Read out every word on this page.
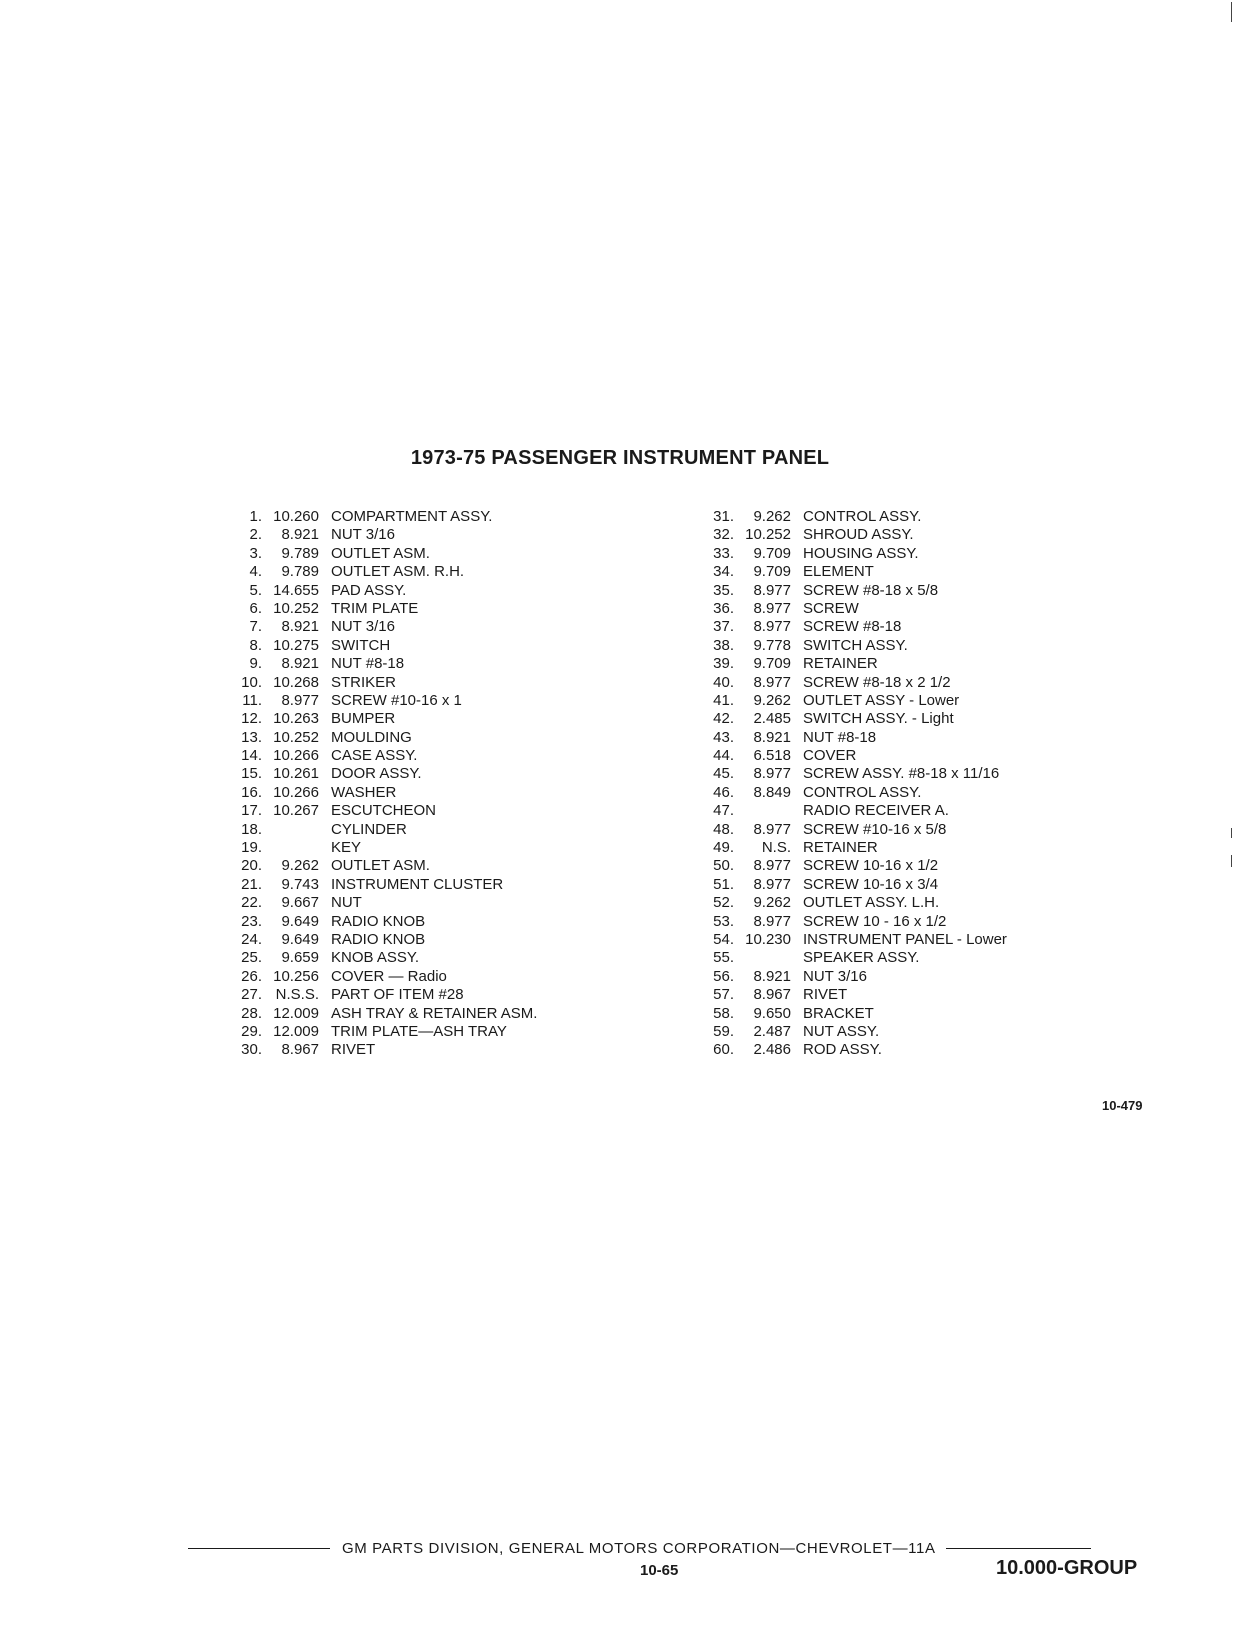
1973-75 PASSENGER INSTRUMENT PANEL
1. 10.260 COMPARTMENT ASSY.
2.	8.921 NUT 3/16
3.	9.789 OUTLET ASM.
4.	9.789 OUTLET ASM. R.H.
5. 14.655 PAD ASSY.
6. 10.252 TRIM PLATE
7.	8.921 NUT 3/16
8. 10.275 SWITCH
9.	8.921 NUT #8-18
10. 10.268 STRIKER
11.	8.977 SCREW #10-16 x 1
12. 10.263 BUMPER
13. 10.252 MOULDING
14. 10.266 CASE ASSY.
15. 10.261 DOOR ASSY.
16. 10.266 WASHER
17. 10.267 ESCUTCHEON
18.	CYLINDER
19.	KEY
20.	9.262 OUTLET ASM.
21.	9.743 INSTRUMENT CLUSTER
22.	9.667 NUT
23.	9.649 RADIO KNOB
24.	9.649 RADIO KNOB
25.	9.659 KNOB ASSY.
26. 10.256 COVER — Radio
27. N.S.S. PART OF ITEM #28
28. 12.009 ASH TRAY & RETAINER ASM.
29. 12.009 TRIM PLATE—ASH TRAY
30.	8.967 RIVET
31.	9.262 CONTROL ASSY.
32. 10.252 SHROUD ASSY.
33.	9.709 HOUSING ASSY.
34.	9.709 ELEMENT
35.	8.977 SCREW #8-18 x 5/8
36.	8.977 SCREW
37.	8.977 SCREW #8-18
38.	9.778 SWITCH ASSY.
39.	9.709 RETAINER
40.	8.977 SCREW #8-18 x 2 1/2
41.	9.262 OUTLET ASSY - Lower
42.	2.485 SWITCH ASSY. - Light
43.	8.921 NUT #8-18
44.	6.518 COVER
45.	8.977 SCREW ASSY. #8-18 x 11/16
46.	8.849 CONTROL ASSY.
47.	RADIO RECEIVER A.
48.	8.977 SCREW #10-16 x 5/8
49.	N.S. RETAINER
50.	8.977 SCREW 10-16 x 1/2
51.	8.977 SCREW 10-16 x 3/4
52.	9.262 OUTLET ASSY. L.H.
53.	8.977 SCREW 10 - 16 x 1/2
54. 10.230 INSTRUMENT PANEL - Lower
55.	SPEAKER ASSY.
56.	8.921 NUT 3/16
57.	8.967 RIVET
58.	9.650 BRACKET
59.	2.487 NUT ASSY.
60.	2.486 ROD ASSY.
10-479
GM PARTS DIVISION, GENERAL MOTORS CORPORATION—CHEVROLET—11A
10-65	10.000-GROUP
